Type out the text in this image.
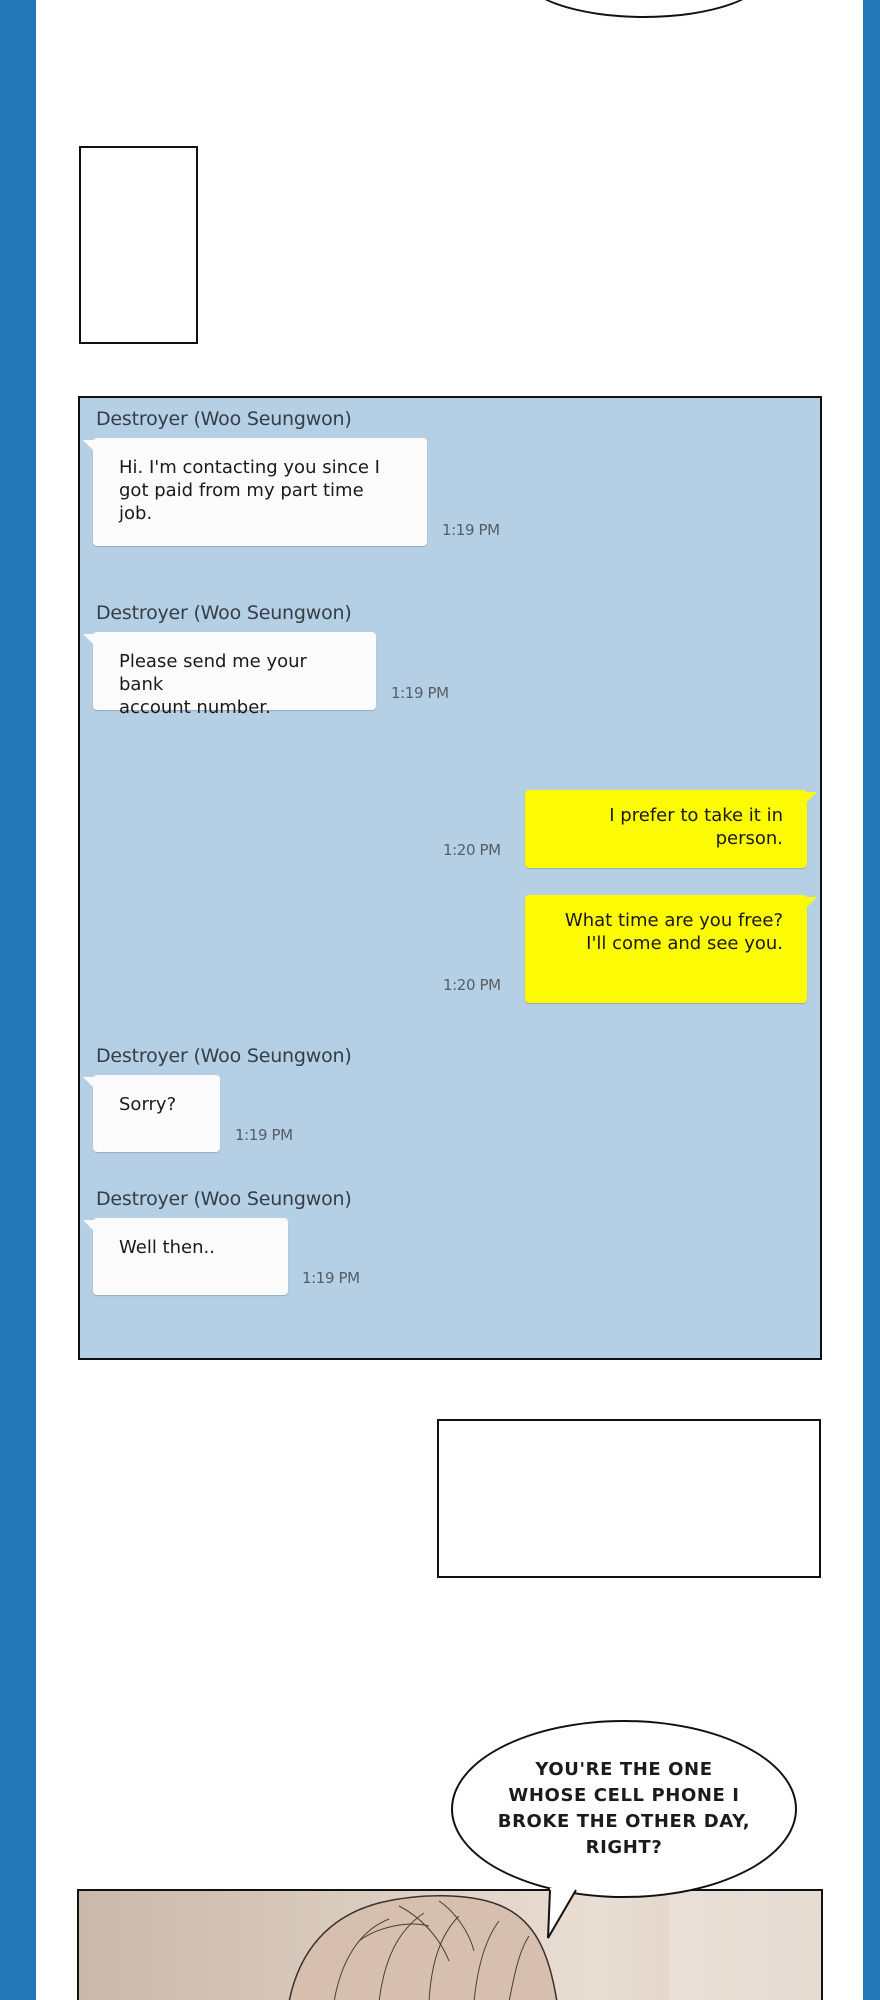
Destroyer (Woo Seungwon)
Hi. I'm contacting you since I
got paid from my part time
job.
1:19 PM
Destroyer (Woo Seungwon)
Please send me your bank
account number.
1:19 PM
1:20 PM
I prefer to take it in
person.
1:20 PM
What time are you free?
I'll come and see you.
Destroyer (Woo Seungwon)
Sorry?
1:19 PM
Destroyer (Woo Seungwon)
Well then..
1:19 PM
YOU'RE THE ONE WHOSE CELL PHONE I BROKE THE OTHER DAY, RIGHT?
